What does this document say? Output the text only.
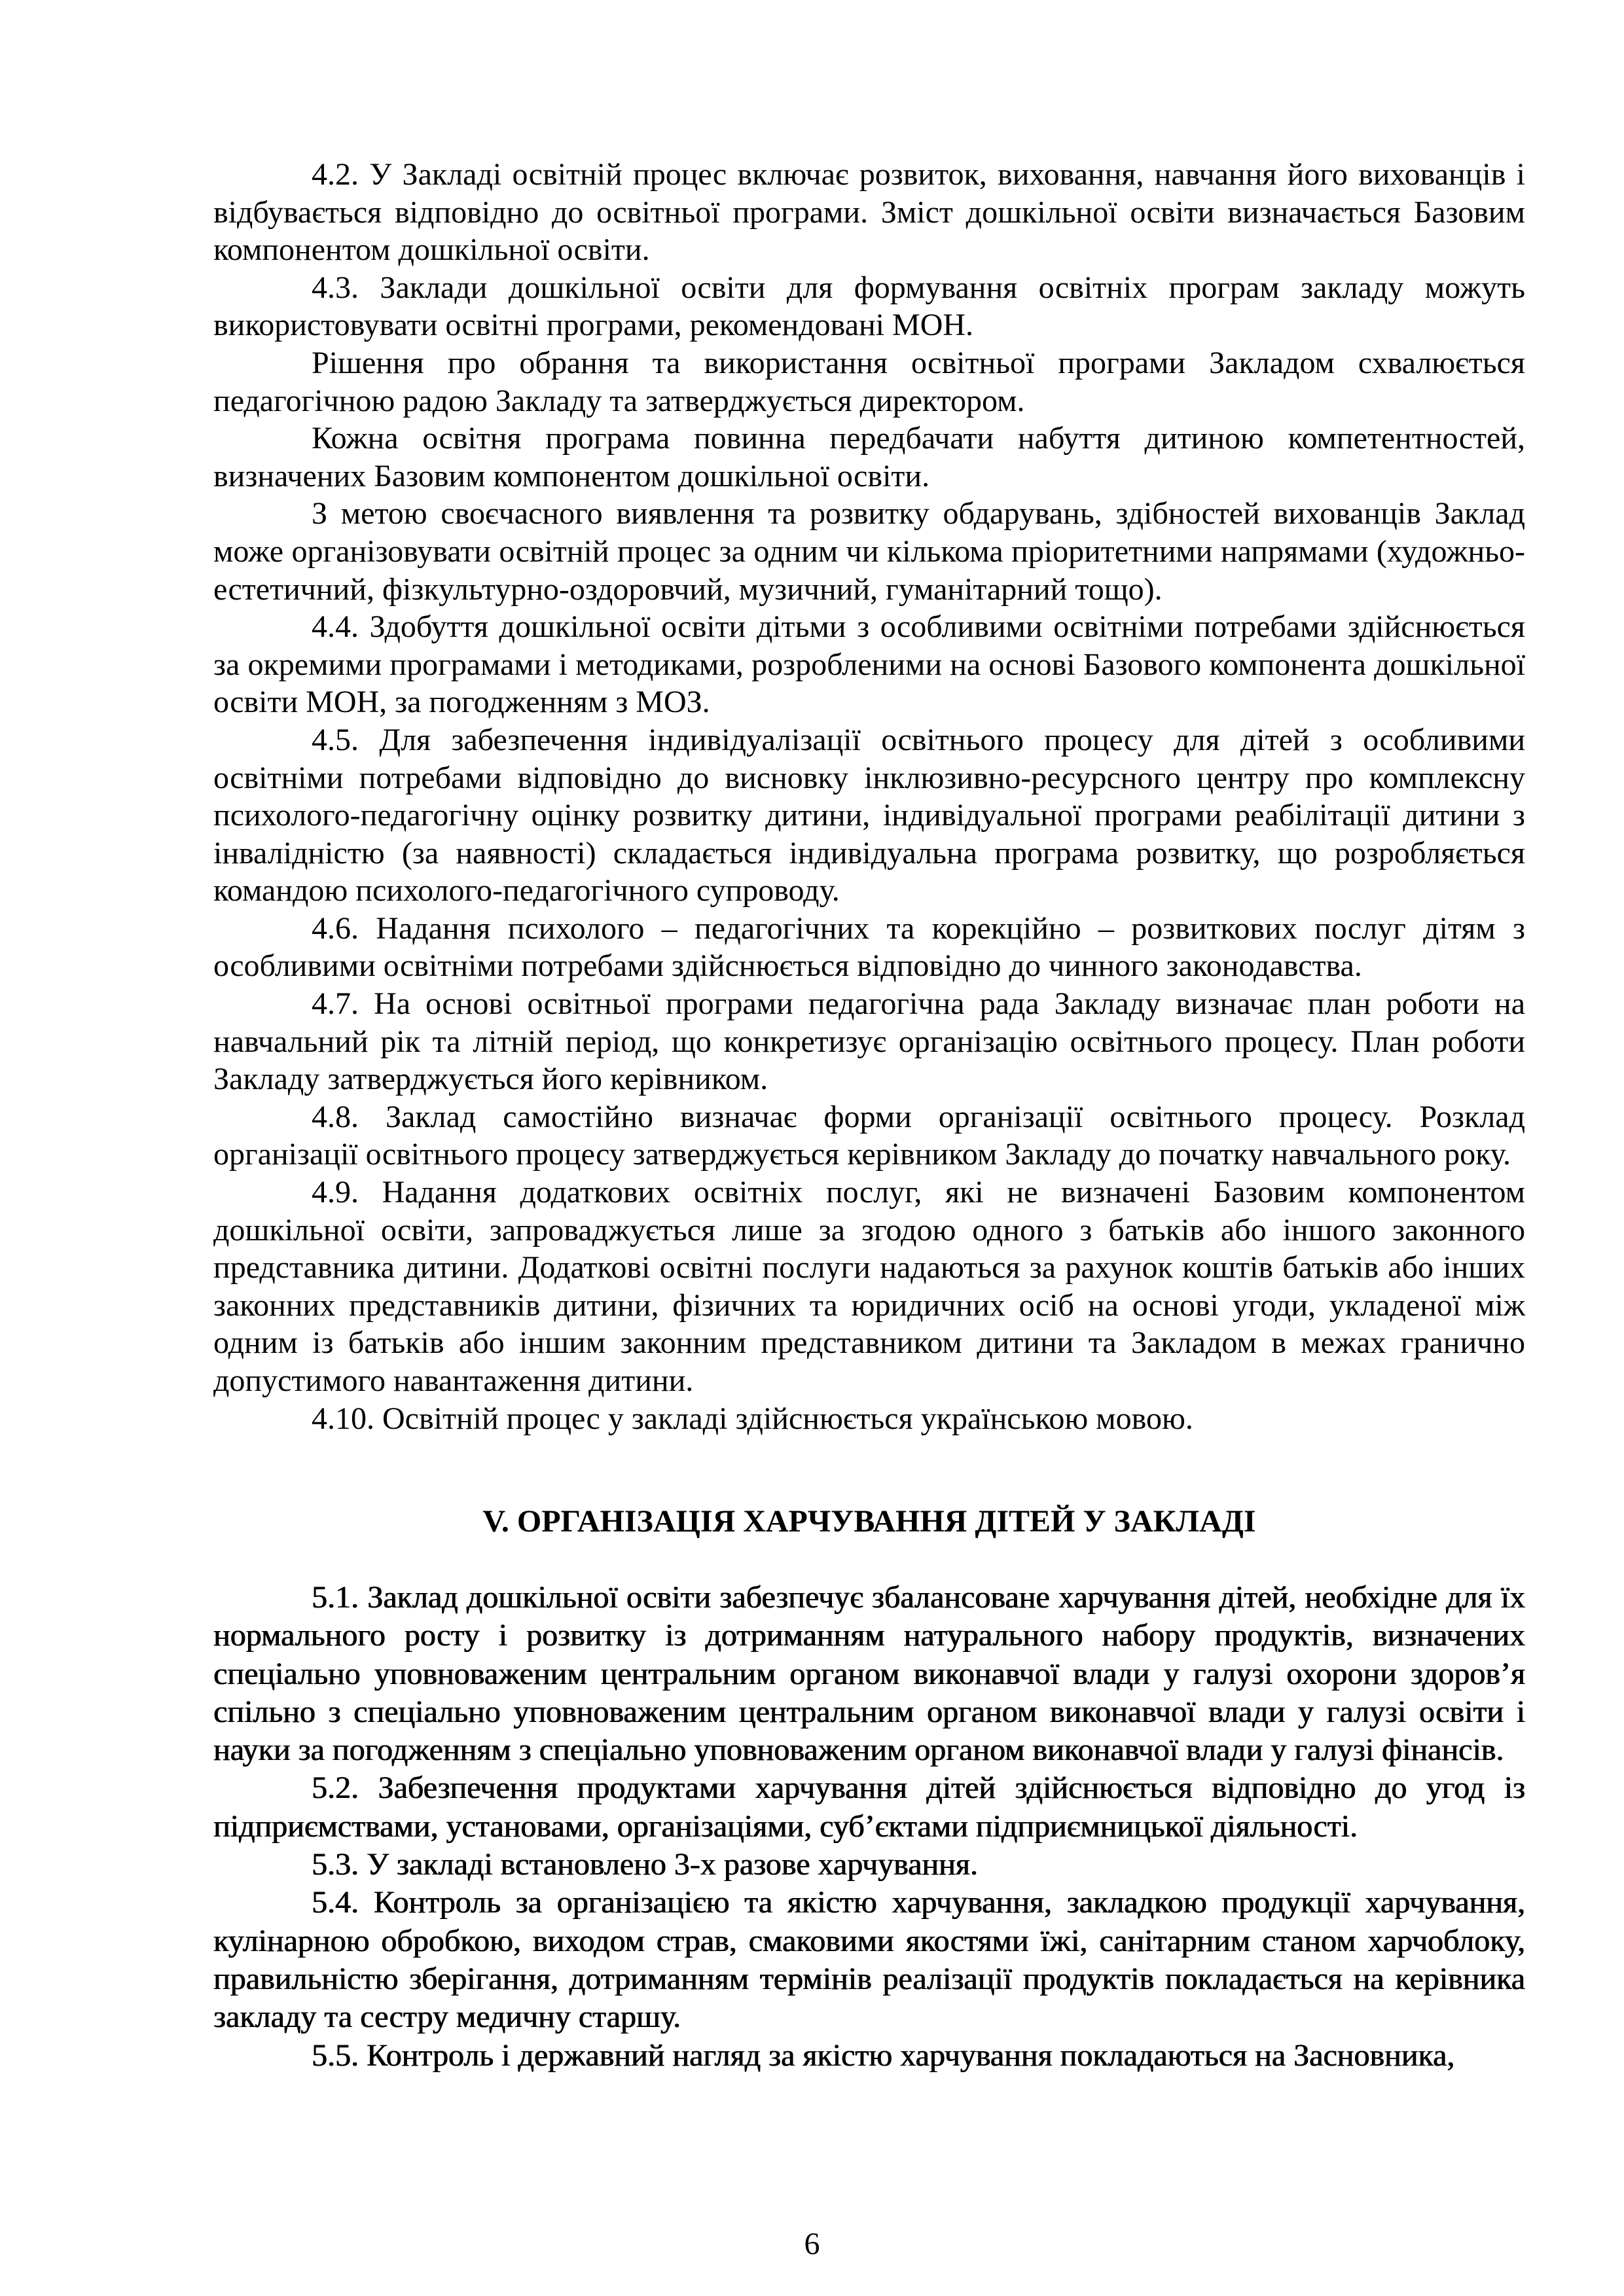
4.2. У Закладі освітній процес включає розвиток, виховання, навчання його вихованців і відбувається відповідно до освітньої програми. Зміст дошкільної освіти визначається Базовим компонентом дошкільної освіти.

4.3. Заклади дошкільної освіти для формування освітніх програм закладу можуть використовувати освітні програми, рекомендовані МОН.

Рішення про обрання та використання освітньої програми Закладом схвалюється педагогічною радою Закладу та затверджується директором.

Кожна освітня програма повинна передбачати набуття дитиною компетентностей, визначених Базовим компонентом дошкільної освіти.

З метою своєчасного виявлення та розвитку обдарувань, здібностей вихованців Заклад може організовувати освітній процес за одним чи кількома пріоритетними напрямами (художньо-естетичний, фізкультурно-оздоровчий, музичний, гуманітарний тощо).

4.4. Здобуття дошкільної освіти дітьми з особливими освітніми потребами здійснюється за окремими програмами і методиками, розробленими на основі Базового компонента дошкільної освіти МОН, за погодженням з МОЗ.

4.5. Для забезпечення індивідуалізації освітнього процесу для дітей з особливими освітніми потребами відповідно до висновку інклюзивно-ресурсного центру про комплексну психолого-педагогічну оцінку розвитку дитини, індивідуальної програми реабілітації дитини з інвалідністю (за наявності) складається індивідуальна програма розвитку, що розробляється командою психолого-педагогічного супроводу.

4.6. Надання психолого – педагогічних та корекційно – розвиткових послуг дітям з особливими освітніми потребами здійснюється відповідно до чинного законодавства.

4.7. На основі освітньої програми педагогічна рада Закладу визначає план роботи на навчальний рік та літній період, що конкретизує організацію освітнього процесу. План роботи Закладу затверджується його керівником.

4.8. Заклад самостійно визначає форми організації освітнього процесу. Розклад організації освітнього процесу затверджується керівником Закладу до початку навчального року.

4.9. Надання додаткових освітніх послуг, які не визначені Базовим компонентом дошкільної освіти, запроваджується лише за згодою одного з батьків або іншого законного представника дитини. Додаткові освітні послуги надаються за рахунок коштів батьків або інших законних представників дитини, фізичних та юридичних осіб на основі угоди, укладеної між одним із батьків або іншим законним представником дитини та Закладом в межах гранично допустимого навантаження дитини.

4.10. Освітній процес у закладі здійснюється українською мовою.

V. ОРГАНІЗАЦІЯ ХАРЧУВАННЯ ДІТЕЙ У ЗАКЛАДІ

5.1. Заклад дошкільної освіти забезпечує збалансоване харчування дітей, необхідне для їх нормального росту і розвитку із дотриманням натурального набору продуктів, визначених спеціально уповноваженим центральним органом виконавчої влади у галузі охорони здоров’я спільно з спеціально уповноваженим центральним органом виконавчої влади у галузі освіти і науки за погодженням з спеціально уповноваженим органом виконавчої влади у галузі фінансів.

5.2. Забезпечення продуктами харчування дітей здійснюється відповідно до угод із підприємствами, установами, організаціями, суб’єктами підприємницької діяльності.

5.3. У закладі встановлено 3-х разове харчування.

5.4. Контроль за організацією та якістю харчування, закладкою продукції харчування, кулінарною обробкою, виходом страв, смаковими якостями їжі, санітарним станом харчоблоку, правильністю зберігання, дотриманням термінів реалізації продуктів покладається на керівника закладу та сестру медичну старшу.

5.5. Контроль і державний нагляд за якістю харчування покладаються на Засновника,

6
